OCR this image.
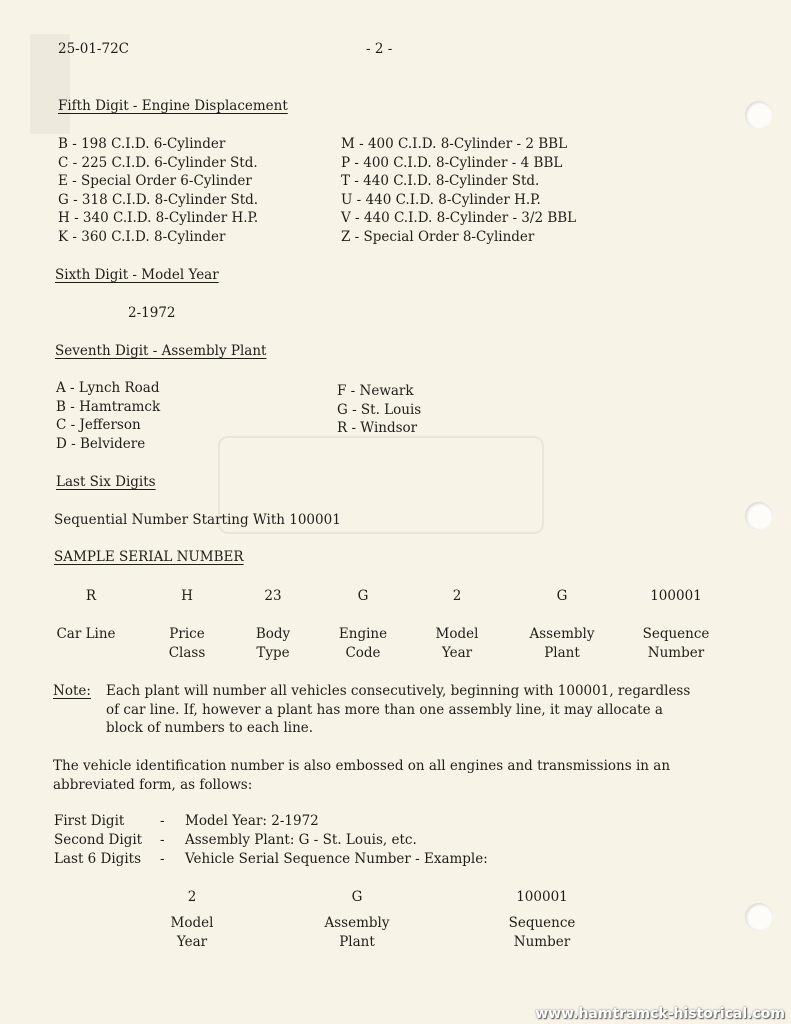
25-01-72C	- 2 -
Fifth Digit - Engine Displacement
B - 198 C.I.D. 6-Cylinder
C - 225 C.I.D. 6-Cylinder Std.
E - Special Order 6-Cylinder
G - 318 C.I.D. 8-Cylinder Std.
H - 340 C.I.D. 8-Cylinder H.P.
K - 360 C.I.D. 8-Cylinder
M - 400 C.I.D. 8-Cylinder - 2 BBL
P - 400 C.I.D. 8-Cylinder - 4 BBL
T - 440 C.I.D. 8-Cylinder Std.
U - 440 C.I.D. 8-Cylinder H.P.
V - 440 C.I.D. 8-Cylinder - 3/2 BBL
Z - Special Order 8-Cylinder
Sixth Digit - Model Year
2-1972
Seventh Digit - Assembly Plant
A - Lynch Road
B - Hamtramck
C - Jefferson
D - Belvidere
F - Newark
G - St. Louis
R - Windsor
Last Six Digits
Sequential Number Starting With 100001
SAMPLE SERIAL NUMBER
R
Car Line
H
Price
Class
23
Body
Type
G
Engine
Code
2
Model
Year
G
Assembly
Plant
100001
Sequence
Number
Note: Each plant will number all vehicles consecutively, beginning with 100001, regardless
of car line. If, however a plant has more than one assembly line, it may allocate a
block of numbers to each line.
The vehicle identification number is also embossed on all engines and transmissions in an
abbreviated form, as follows:
First Digit
Second Digit
Last 6 Digits
-
-
-
Model Year: 2-1972
Assembly Plant: G - St. Louis, etc.
Vehicle Serial Sequence Number - Example:
2
Model
Year
G
Assembly
Plant
100001
Sequence
Number
www.hamtramck-historical.com
